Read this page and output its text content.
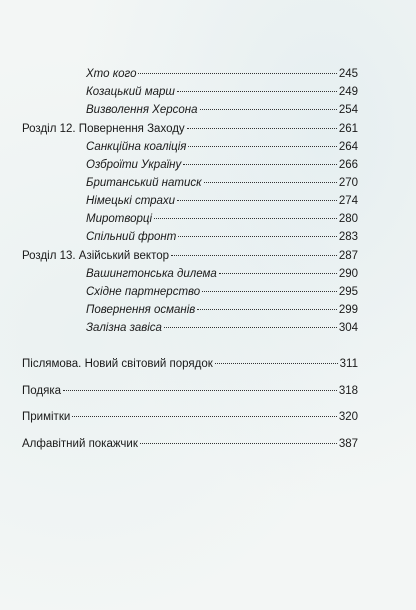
Хто кого	245
Козацький марш	249
Визволення Херсона	254
Розділ 12. Повернення Заходу	261
Санкційна коаліція	264
Озброїти Україну	266
Британський натиск	270
Німецькі страхи	274
Миротворці	280
Спільний фронт	283
Розділ 13. Азійський вектор	287
Вашингтонська дилема	290
Східне партнерство	295
Повернення османів	299
Залізна завіса	304
Післямова. Новий світовий порядок	311
Подяка	318
Примітки	320
Алфавітний покажчик	387
